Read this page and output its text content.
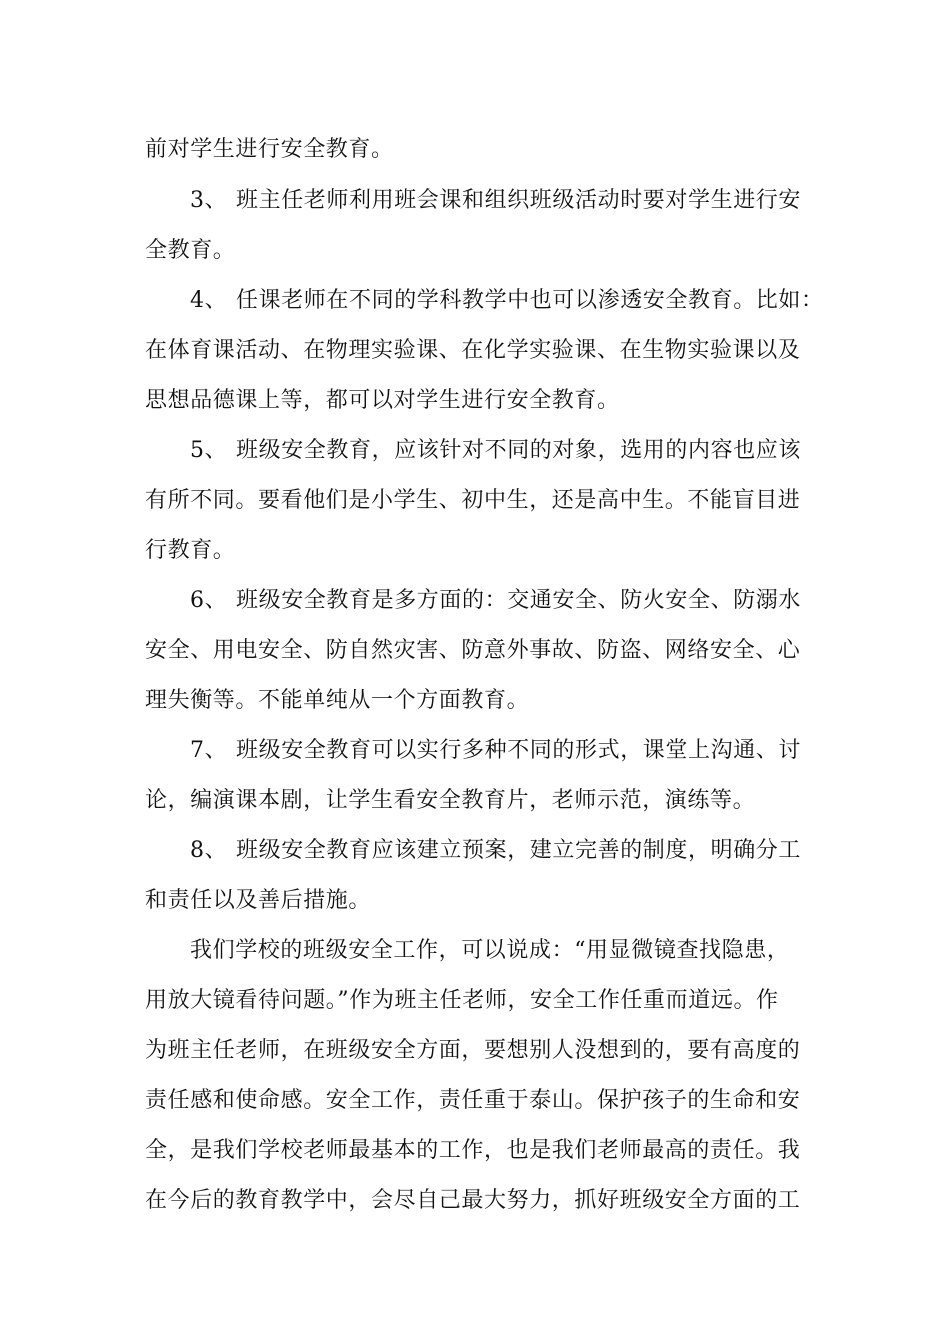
前对学生进行安全教育。
3、 班主任老师利用班会课和组织班级活动时要对学生进行安
全教育。
4、 任课老师在不同的学科教学中也可以渗透安全教育。比如：
在体育课活动、在物理实验课、在化学实验课、在生物实验课以及
思想品德课上等，都可以对学生进行安全教育。
5、 班级安全教育，应该针对不同的对象，选用的内容也应该
有所不同。要看他们是小学生、初中生，还是高中生。不能盲目进
行教育。
6、 班级安全教育是多方面的：交通安全、防火安全、防溺水
安全、用电安全、防自然灾害、防意外事故、防盗、网络安全、心
理失衡等。不能单纯从一个方面教育。
7、 班级安全教育可以实行多种不同的形式，课堂上沟通、讨
论，编演课本剧，让学生看安全教育片，老师示范，演练等。
8、 班级安全教育应该建立预案，建立完善的制度，明确分工
和责任以及善后措施。
我们学校的班级安全工作，可以说成：“用显微镜查找隐患，
用放大镜看待问题。”作为班主任老师，安全工作任重而道远。作
为班主任老师，在班级安全方面，要想别人没想到的，要有高度的
责任感和使命感。安全工作，责任重于泰山。保护孩子的生命和安
全，是我们学校老师最基本的工作，也是我们老师最高的责任。我
在今后的教育教学中，会尽自己最大努力，抓好班级安全方面的工
